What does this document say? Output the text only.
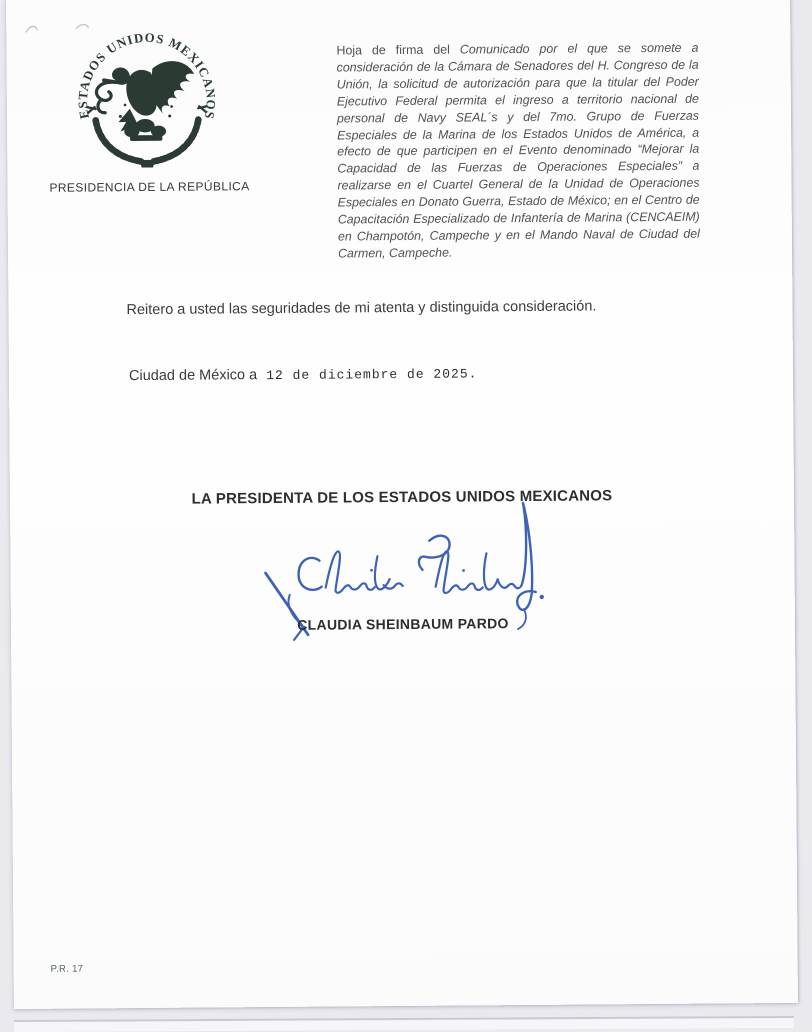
ESTADOS UNIDOS MEXICANOS
PRESIDENCIA DE LA REPÚBLICA

Hoja de firma del Comunicado por el que se somete a consideración de la Cámara de Senadores del H. Congreso de la Unión, la solicitud de autorización para que la titular del Poder Ejecutivo Federal permita el ingreso a territorio nacional de personal de Navy SEAL´s y del 7mo. Grupo de Fuerzas Especiales de la Marina de los Estados Unidos de América, a efecto de que participen en el Evento denominado “Mejorar la Capacidad de las Fuerzas de Operaciones Especiales” a realizarse en el Cuartel General de la Unidad de Operaciones Especiales en Donato Guerra, Estado de México; en el Centro de Capacitación Especializado de Infantería de Marina (CENCAEIM) en Champotón, Campeche y en el Mando Naval de Ciudad del Carmen, Campeche.

Reitero a usted las seguridades de mi atenta y distinguida consideración.
Ciudad de México a 12 de diciembre de 2025.
LA PRESIDENTA DE LOS ESTADOS UNIDOS MEXICANOS
CLAUDIA SHEINBAUM PARDO
P.R. 17
